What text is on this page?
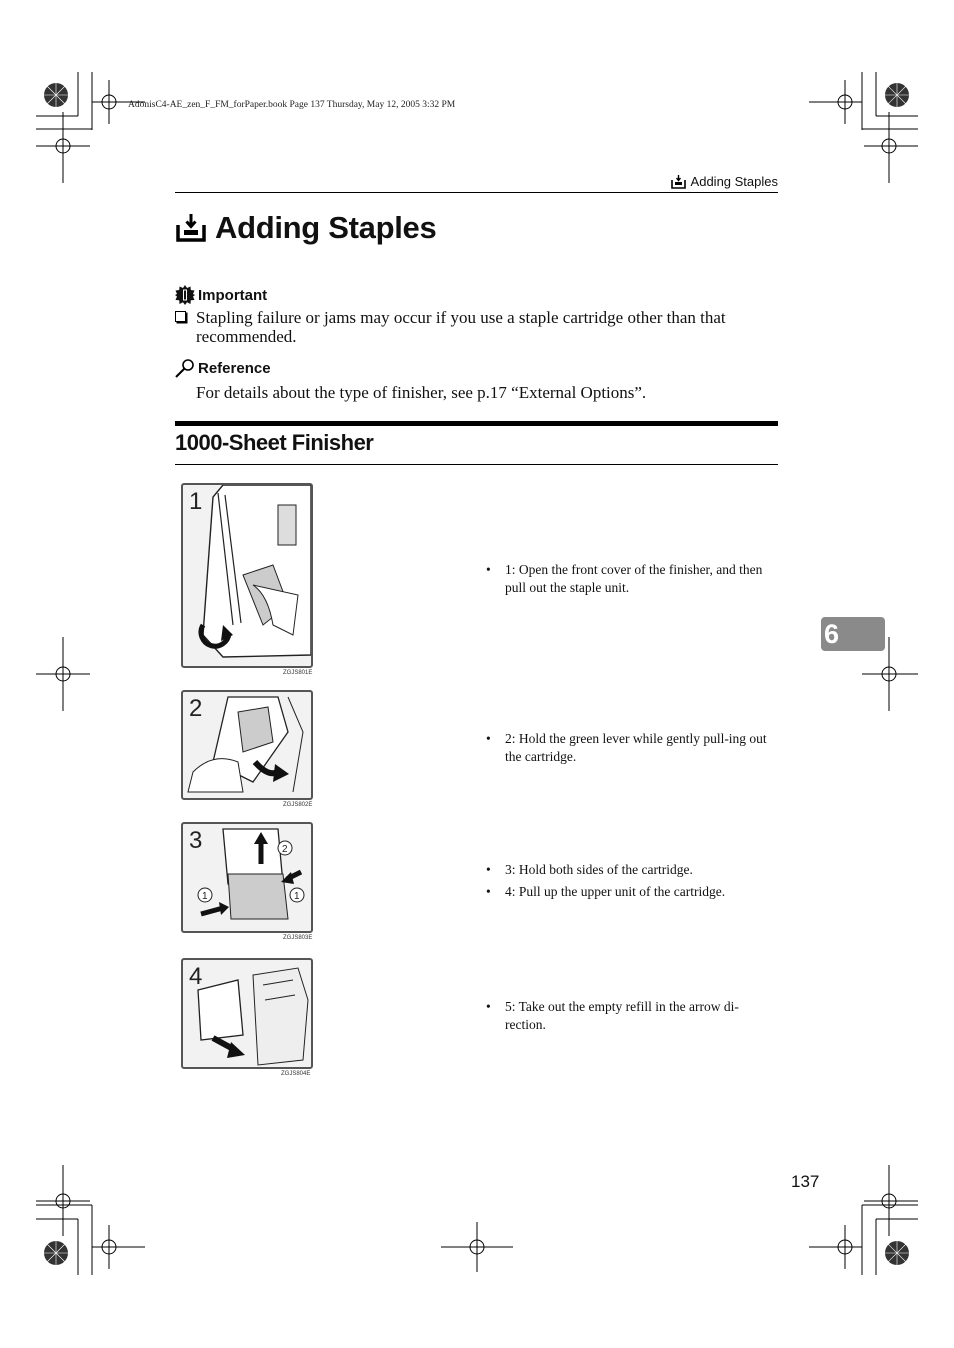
AdonisC4-AE_zen_F_FM_forPaper.book Page 137 Thursday, May 12, 2005 3:32 PM
Adding Staples
Adding Staples
Important
Stapling failure or jams may occur if you use a staple cartridge other than that recommended.
Reference
For details about the type of finisher, see p.17 “External Options”.
1000-Sheet Finisher
1
ZGJS801E
• 1: Open the front cover of the finisher, and then pull out the staple unit.
2
ZGJS802E
• 2: Hold the green lever while gently pull-ing out the cartridge.
3
1
2
1
ZGJS803E
• 3: Hold both sides of the cartridge.
• 4: Pull up the upper unit of the cartridge.
4
ZGJS804E
• 5: Take out the empty refill in the arrow di-rection.
6
137
